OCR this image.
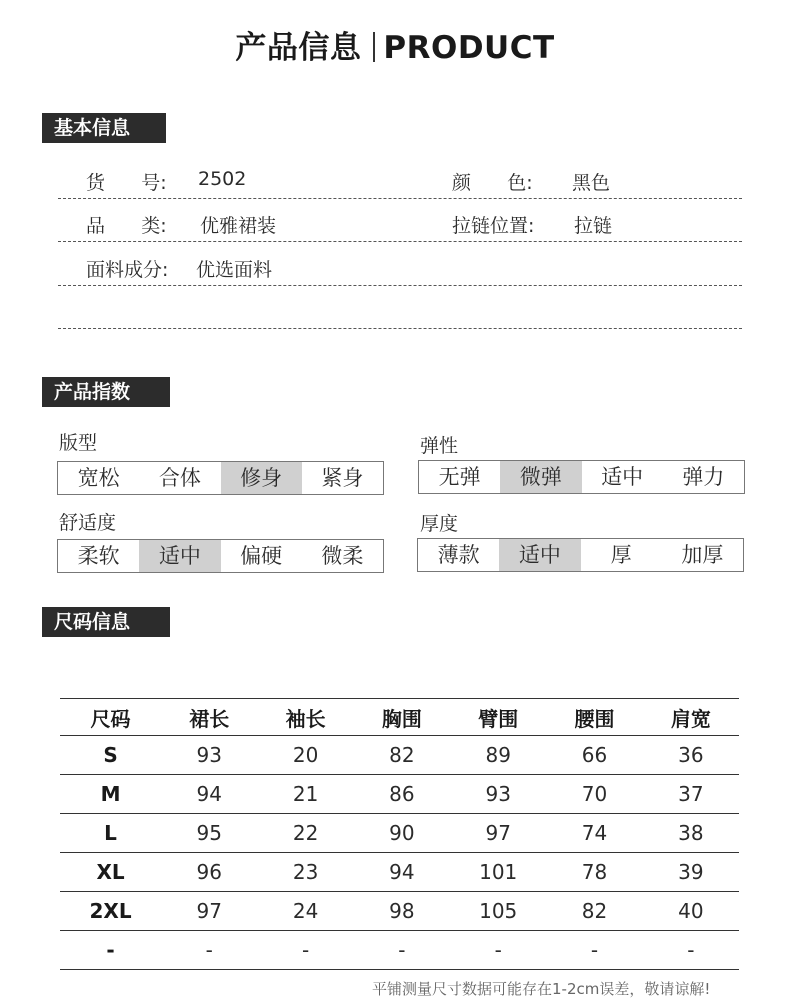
产品信息 PRODUCT
基本信息
货      号: 2502	颜      色: 黑色
品      类: 优雅裙装	拉链位置: 拉链
面料成分: 优选面料
产品指数
版型
宽松	合体	修身	紧身
弹性
无弹	微弹	适中	弹力
舒适度
柔软	适中	偏硬	微柔
厚度
薄款	适中	厚	加厚
尺码信息
尺码	裙长	袖长	胸围	臂围	腰围	肩宽
S	93	20	82	89	66	36
M	94	21	86	93	70	37
L	95	22	90	97	74	38
XL	96	23	94	101	78	39
2XL	97	24	98	105	82	40
-	-	-	-	-	-	-
平铺测量尺寸数据可能存在1-2cm误差，敬请谅解!
